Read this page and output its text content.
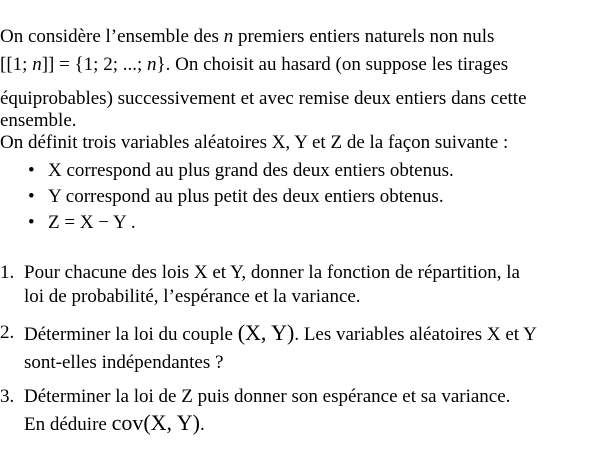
On considère l’ensemble des n premiers entiers naturels non nuls
[[1; n]] = {1; 2; ...; n}. On choisit au hasard (on suppose les tirages
équiprobables) successivement et avec remise deux entiers dans cette
ensemble.
On définit trois variables aléatoires X, Y et Z de la façon suivante :
• X correspond au plus grand des deux entiers obtenus.
• Y correspond au plus petit des deux entiers obtenus.
• Z = X − Y .
1. Pour chacune des lois X et Y, donner la fonction de répartition, la
loi de probabilité, l’espérance et la variance.
2. Déterminer la loi du couple (X, Y). Les variables aléatoires X et Y
sont-elles indépendantes ?
3. Déterminer la loi de Z puis donner son espérance et sa variance.
En déduire cov(X, Y).
